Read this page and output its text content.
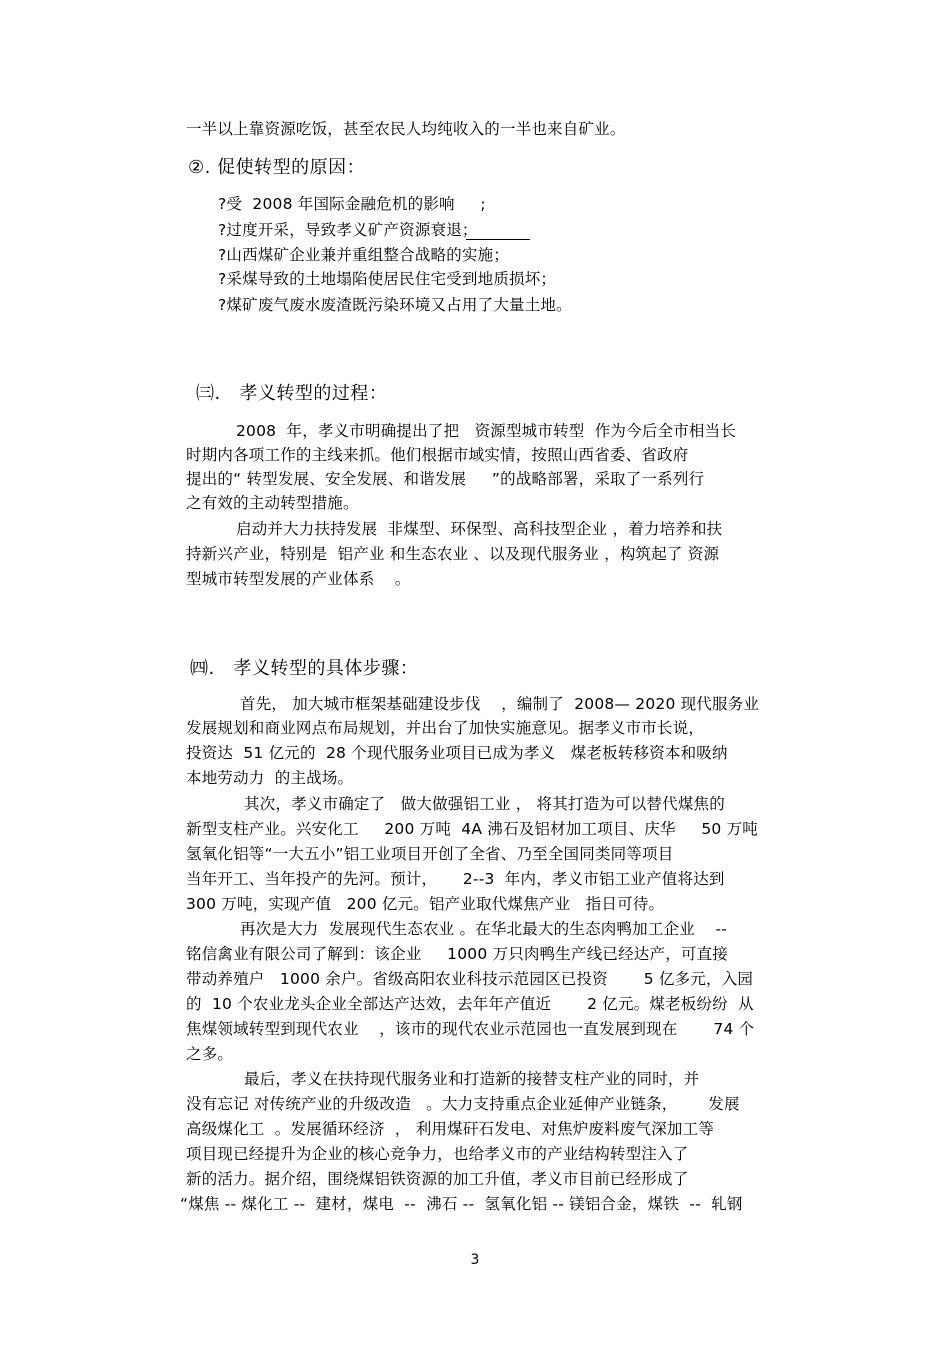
一半以上靠资源吃饭，甚至农民人均纯收入的一半也来自矿业。
②. 促使转型的原因：
?受  2008 年国际金融危机的影响     ;
?过度开采，导致孝义矿产资源衰退；
?山西煤矿企业兼并重组整合战略的实施；
?采煤导致的土地塌陷使居民住宅受到地质损坏；
?煤矿废气废水废渣既污染环境又占用了大量土地。
㈢.   孝义转型的过程：
2008  年，孝义市明确提出了把   资源型城市转型  作为今后全市相当长
时期内各项工作的主线来抓。他们根据市域实情，按照山西省委、省政府
提出的“ 转型发展、安全发展、和谐发展     ”的战略部署，采取了一系列行
之有效的主动转型措施。
启动并大力扶持发展  非煤型、环保型、高科技型企业 ，着力培养和扶
持新兴产业，特别是  铝产业 和生态农业 、以及现代服务业 ，构筑起了 资源
型城市转型发展的产业体系    。
㈣.   孝义转型的具体步骤：
首先， 加大城市框架基础建设步伐    ，编制了  2008— 2020 现代服务业
发展规划和商业网点布局规划，并出台了加快实施意见。据孝义市市长说，
投资达  51 亿元的  28 个现代服务业项目已成为孝义   煤老板转移资本和吸纳
本地劳动力  的主战场。
其次，孝义市确定了   做大做强铝工业 ， 将其打造为可以替代煤焦的
新型支柱产业。兴安化工     200 万吨  4A 沸石及铝材加工项目、庆华     50 万吨
氢氧化铝等“一大五小”铝工业项目开创了全省、乃至全国同类同等项目
当年开工、当年投产的先河。预计，     2--3  年内，孝义市铝工业产值将达到
300 万吨，实现产值   200 亿元。铝产业取代煤焦产业   指日可待。
再次是大力  发展现代生态农业 。在华北最大的生态肉鸭加工企业    --
铭信禽业有限公司了解到：该企业     1000 万只肉鸭生产线已经达产，可直接
带动养殖户   1000 余户。省级高阳农业科技示范园区已投资       5 亿多元，入园
的  10 个农业龙头企业全部达产达效，去年年产值近       2 亿元。煤老板纷纷  从
焦煤领域转型到现代农业    ，该市的现代农业示范园也一直发展到现在       74 个
之多。
最后，孝义在扶持现代服务业和打造新的接替支柱产业的同时，并
没有忘记 对传统产业的升级改造   。大力支持重点企业延伸产业链条，      发展
高级煤化工  。发展循环经济  ， 利用煤矸石发电、对焦炉废料废气深加工等
项目现已经提升为企业的核心竞争力，也给孝义市的产业结构转型注入了
新的活力。据介绍，围绕煤铝铁资源的加工升值，孝义市目前已经形成了
“煤焦 -- 煤化工 --  建材，煤电  --  沸石 --  氢氧化铝 -- 镁铝合金，煤铁  --  轧钢
3
